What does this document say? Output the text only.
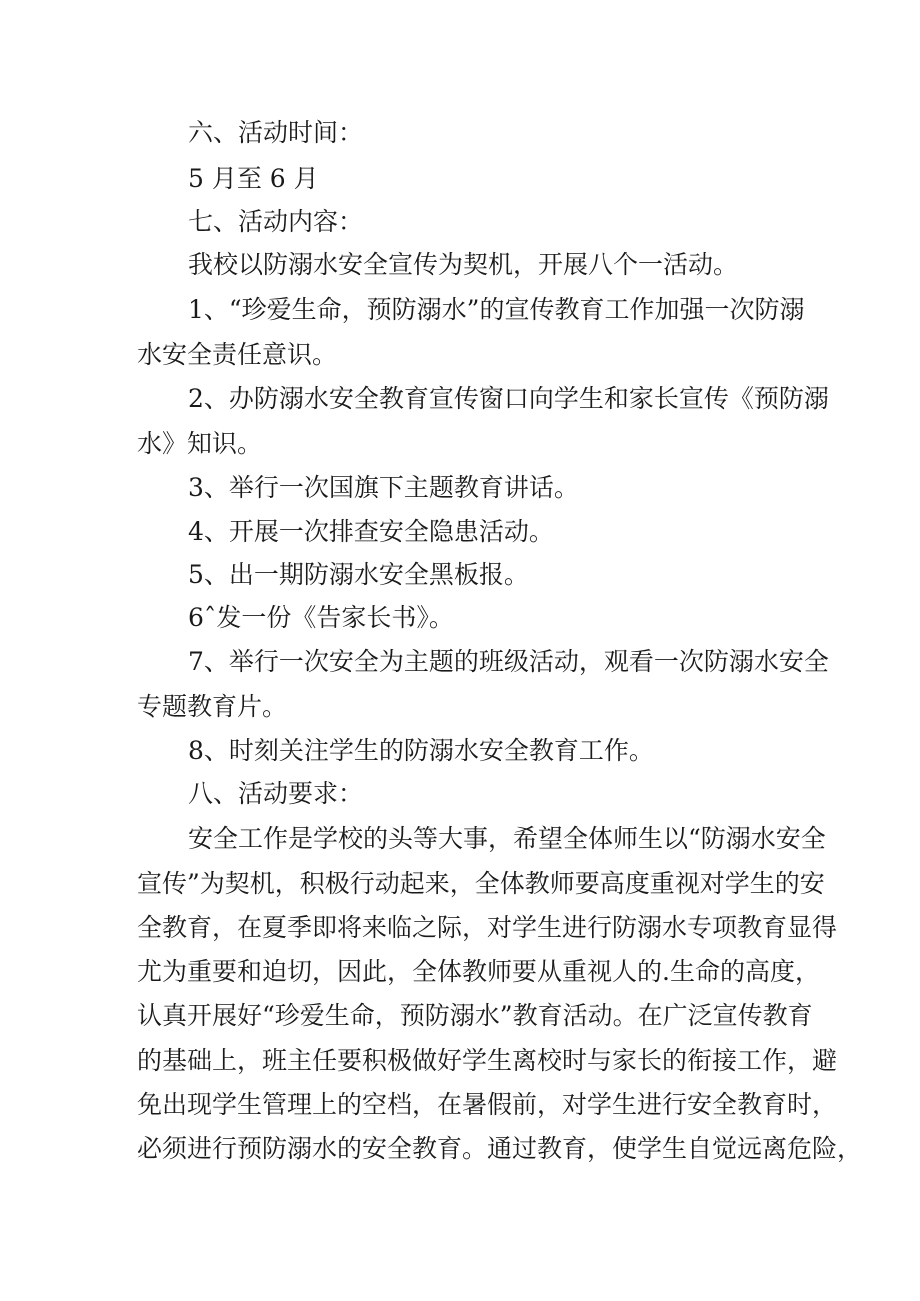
六、活动时间：

5 月至 6 月

七、活动内容：

我校以防溺水安全宣传为契机，开展八个一活动。

1、“珍爱生命，预防溺水”的宣传教育工作加强一次防溺

水安全责任意识。

2、办防溺水安全教育宣传窗口向学生和家长宣传《预防溺

水》知识。

3、举行一次国旗下主题教育讲话。

4、开展一次排查安全隐患活动。

5、出一期防溺水安全黑板报。

6ˆ发一份《告家长书》。

7、举行一次安全为主题的班级活动，观看一次防溺水安全

专题教育片。

8、时刻关注学生的防溺水安全教育工作。

八、活动要求：

安全工作是学校的头等大事，希望全体师生以“防溺水安全

宣传”为契机，积极行动起来，全体教师要高度重视对学生的安

全教育，在夏季即将来临之际，对学生进行防溺水专项教育显得

尤为重要和迫切，因此，全体教师要从重视人的.生命的高度，

认真开展好“珍爱生命，预防溺水”教育活动。在广泛宣传教育

的基础上，班主任要积极做好学生离校时与家长的衔接工作，避

免出现学生管理上的空档，在暑假前，对学生进行安全教育时，

必须进行预防溺水的安全教育。通过教育，使学生自觉远离危险，
